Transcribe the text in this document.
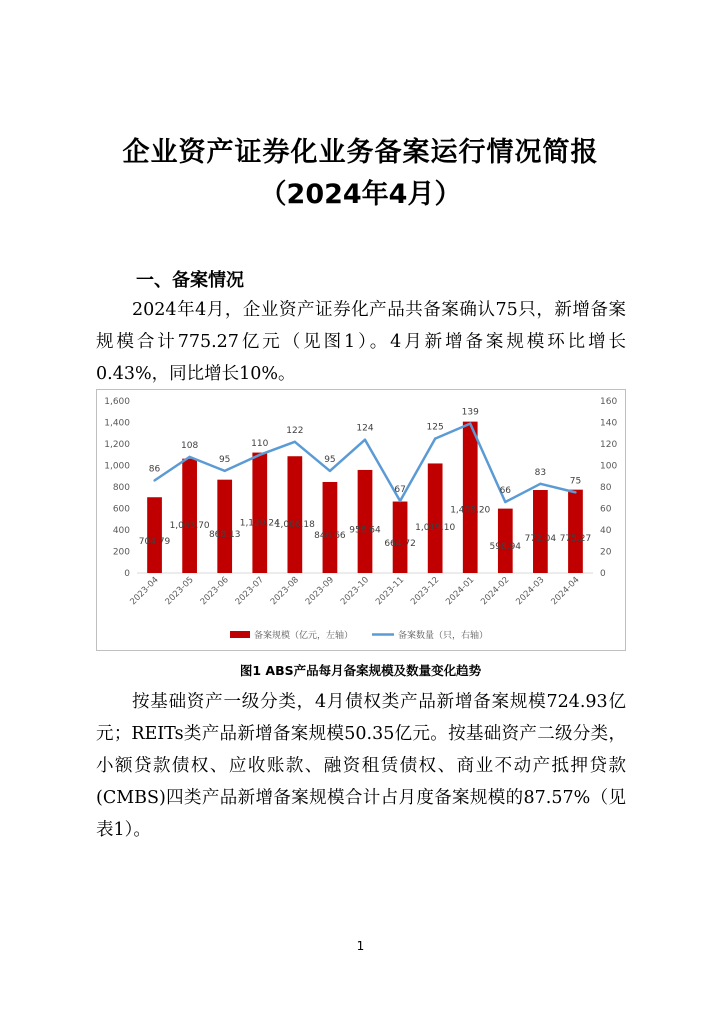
企业资产证券化业务备案运行情况简报
（2024年4月）
一、备案情况
2024年4月，企业资产证券化产品共备案确认75只，新增备案规模合计775.27亿元（见图1）。4月新增备案规模环比增长0.43%，同比增长10%。
0
200
400
600
800
1,000
1,200
1,400
1,600
0
20
40
60
80
100
120
140
160
704.79
1,063.70
868.13
1,120.24
1,086.18
846.66
958.64
664.72
1,019.10
1,408.20
598.94
772.04 775.27
86
108
95
110
122
95
124
67
125
139
66
83
75
2023-04 2023-05 2023-06 2023-07 2023-08 2023-09 2023-10 2023-11 2023-12 2024-01 2024-02 2024-03 2024-04
备案规模（亿元，左轴）	备案数量（只，右轴）
图1 ABS产品每月备案规模及数量变化趋势
按基础资产一级分类，4月债权类产品新增备案规模724.93亿元；REITs类产品新增备案规模50.35亿元。按基础资产二级分类，小额贷款债权、应收账款、融资租赁债权、商业不动产抵押贷款(CMBS)四类产品新增备案规模合计占月度备案规模的87.57%（见表1）。
1
